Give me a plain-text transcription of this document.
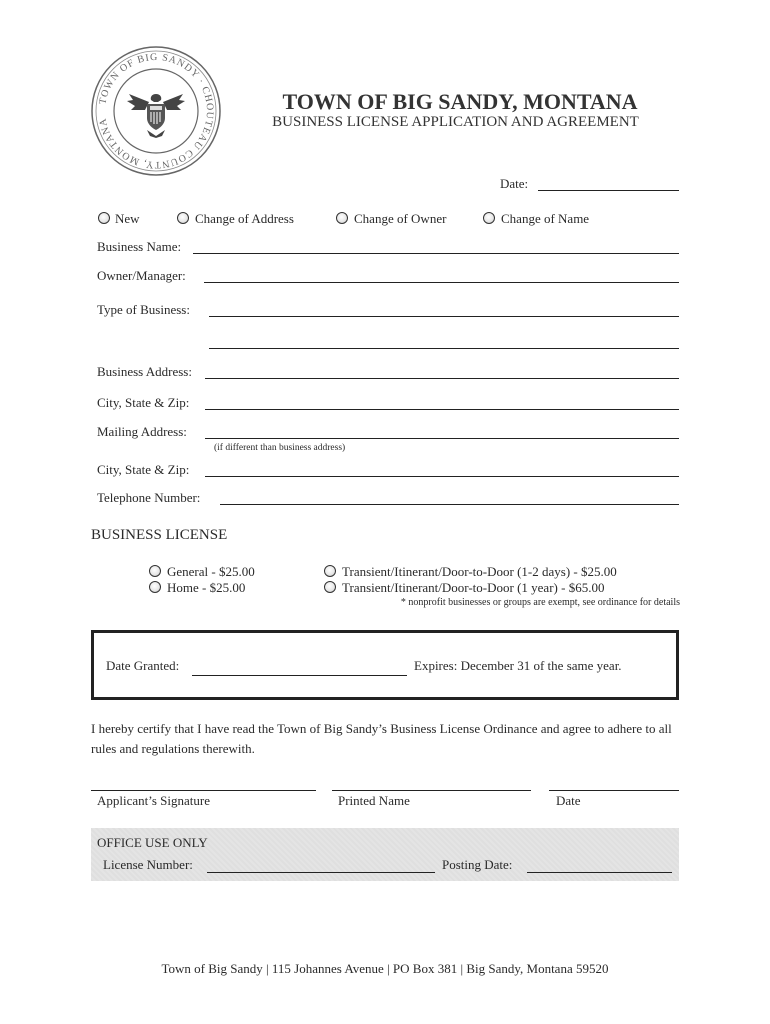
TOWN OF BIG SANDY · CHOUTEAU COUNTY, MONTANA
TOWN OF BIG SANDY, MONTANA
BUSINESS LICENSE APPLICATION AND AGREEMENT
Date:
New	Change of Address	Change of Owner	Change of Name
Business Name:
Owner/Manager:
Type of Business:
Business Address:
City, State & Zip:
Mailing Address:
(if different than business address)
City, State & Zip:
Telephone Number:
BUSINESS LICENSE
General - $25.00
Home - $25.00
Transient/Itinerant/Door-to-Door (1-2 days) - $25.00
Transient/Itinerant/Door-to-Door (1 year) - $65.00
* nonprofit businesses or groups are exempt, see ordinance for details
Date Granted:	Expires: December 31 of the same year.
I hereby certify that I have read the Town of Big Sandy’s Business License Ordinance and agree to adhere to all rules and regulations therewith.
Applicant’s Signature	Printed Name	Date
OFFICE USE ONLY
License Number:	Posting Date:
Town of Big Sandy | 115 Johannes Avenue | PO Box 381 | Big Sandy, Montana 59520
